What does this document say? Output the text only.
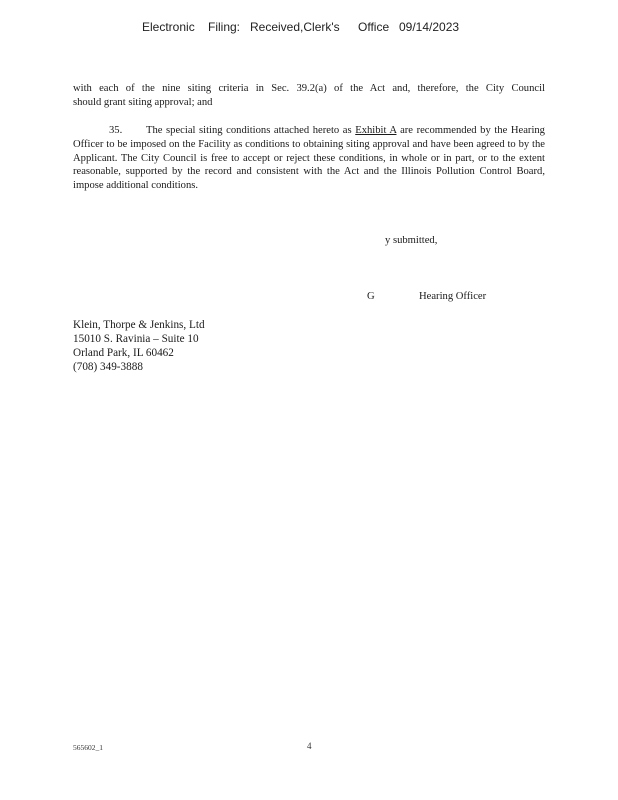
Electronic Filing: Received,Clerk's Office 09/14/2023
with each of the nine siting criteria in Sec. 39.2(a) of the Act and, therefore, the City Council
should grant siting approval; and
35. The special siting conditions attached hereto as Exhibit A are recommended by the Hearing Officer to be imposed on the Facility as conditions to obtaining siting approval and have been agreed to by the Applicant. The City Council is free to accept or reject these conditions, in whole or in part, or to the extent reasonable, supported by the record and consistent with the Act and the Illinois Pollution Control Board, impose additional conditions.
y submitted,
G	Hearing Officer
Klein, Thorpe & Jenkins, Ltd
15010 S. Ravinia – Suite 10
Orland Park, IL 60462
(708) 349-3888
565602_1	4
